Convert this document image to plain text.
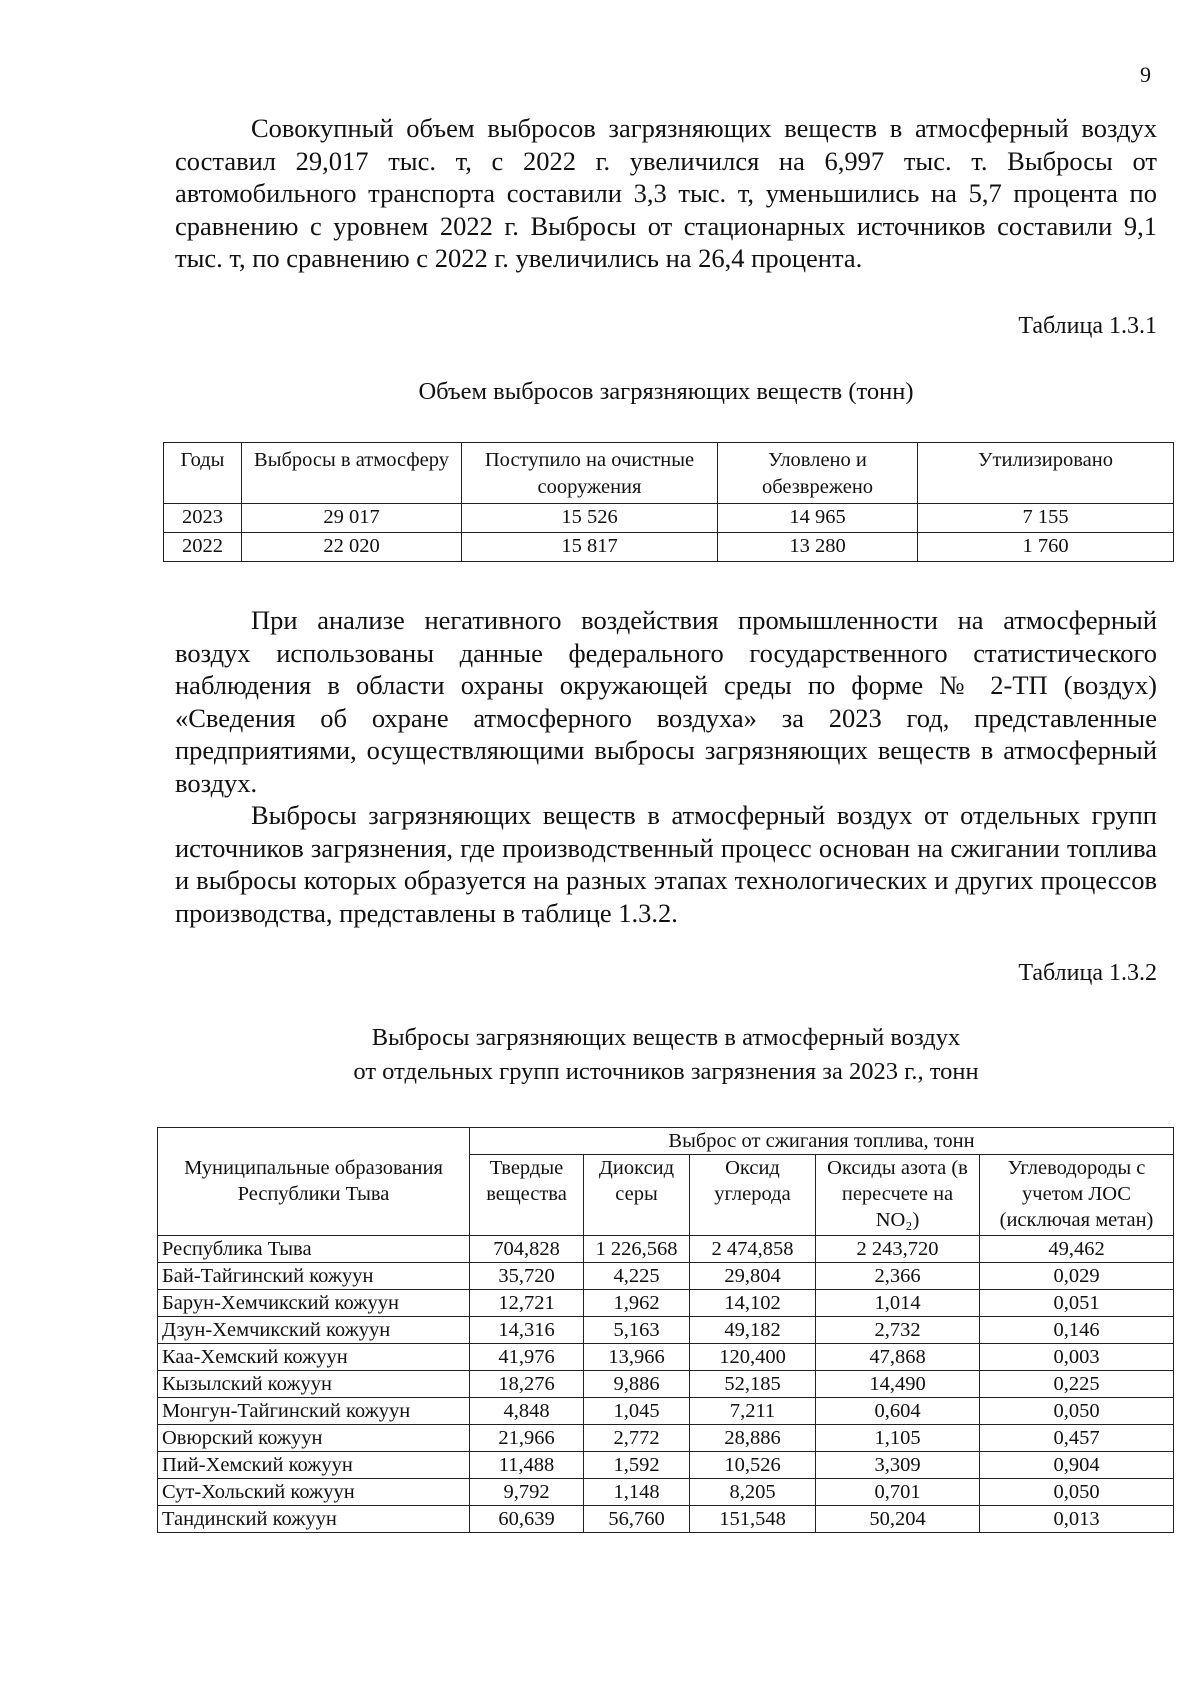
9

Совокупный объем выбросов загрязняющих веществ в атмосферный воздух составил 29,017 тыс. т, с 2022 г. увеличился на 6,997 тыс. т. Выбросы от автомобильного транспорта составили 3,3 тыс. т, уменьшились на 5,7 процента по сравнению с уровнем 2022 г. Выбросы от стационарных источников составили 9,1 тыс. т, по сравнению с 2022 г. увеличились на 26,4 процента.

Таблица 1.3.1
Объем выбросов загрязняющих веществ (тонн)
Годы	Выбросы в атмосферу	Поступило на очистные сооружения	Уловлено и обезврежено	Утилизировано
2023	29 017	15 526	14 965	7 155
2022	22 020	15 817	13 280	1 760

При анализе негативного воздействия промышленности на атмосферный воздух использованы данные федерального государственного статистического наблюдения в области охраны окружающей среды по форме № 2-ТП (воздух) «Сведения об охране атмосферного воздуха» за 2023 год, представленные предприятиями, осуществляющими выбросы загрязняющих веществ в атмосферный воздух.

Выбросы загрязняющих веществ в атмосферный воздух от отдельных групп источников загрязнения, где производственный процесс основан на сжигании топлива и выбросы которых образуется на разных этапах технологических и других процессов производства, представлены в таблице 1.3.2.

Таблица 1.3.2
Выбросы загрязняющих веществ в атмосферный воздух
от отдельных групп источников загрязнения за 2023 г., тонн
	Выброс от сжигания топлива, тонн				
Муниципальные образования Республики Тыва	Твердые вещества	Диоксид серы	Оксид углерода	Оксиды азота (в пересчете на NO₂)	Углеводороды с учетом ЛОС (исключая метан)
Республика Тыва	704,828	1 226,568	2 474,858	2 243,720	49,462
Бай-Тайгинский кожуун	35,720	4,225	29,804	2,366	0,029
Барун-Хемчикский кожуун	12,721	1,962	14,102	1,014	0,051
Дзун-Хемчикский кожуун	14,316	5,163	49,182	2,732	0,146
Каа-Хемский кожуун	41,976	13,966	120,400	47,868	0,003
Кызылский кожуун	18,276	9,886	52,185	14,490	0,225
Монгун-Тайгинский кожуун	4,848	1,045	7,211	0,604	0,050
Овюрский кожуун	21,966	2,772	28,886	1,105	0,457
Пий-Хемский кожуун	11,488	1,592	10,526	3,309	0,904
Сут-Хольский кожуун	9,792	1,148	8,205	0,701	0,050
Тандинский кожуун	60,639	56,760	151,548	50,204	0,013
